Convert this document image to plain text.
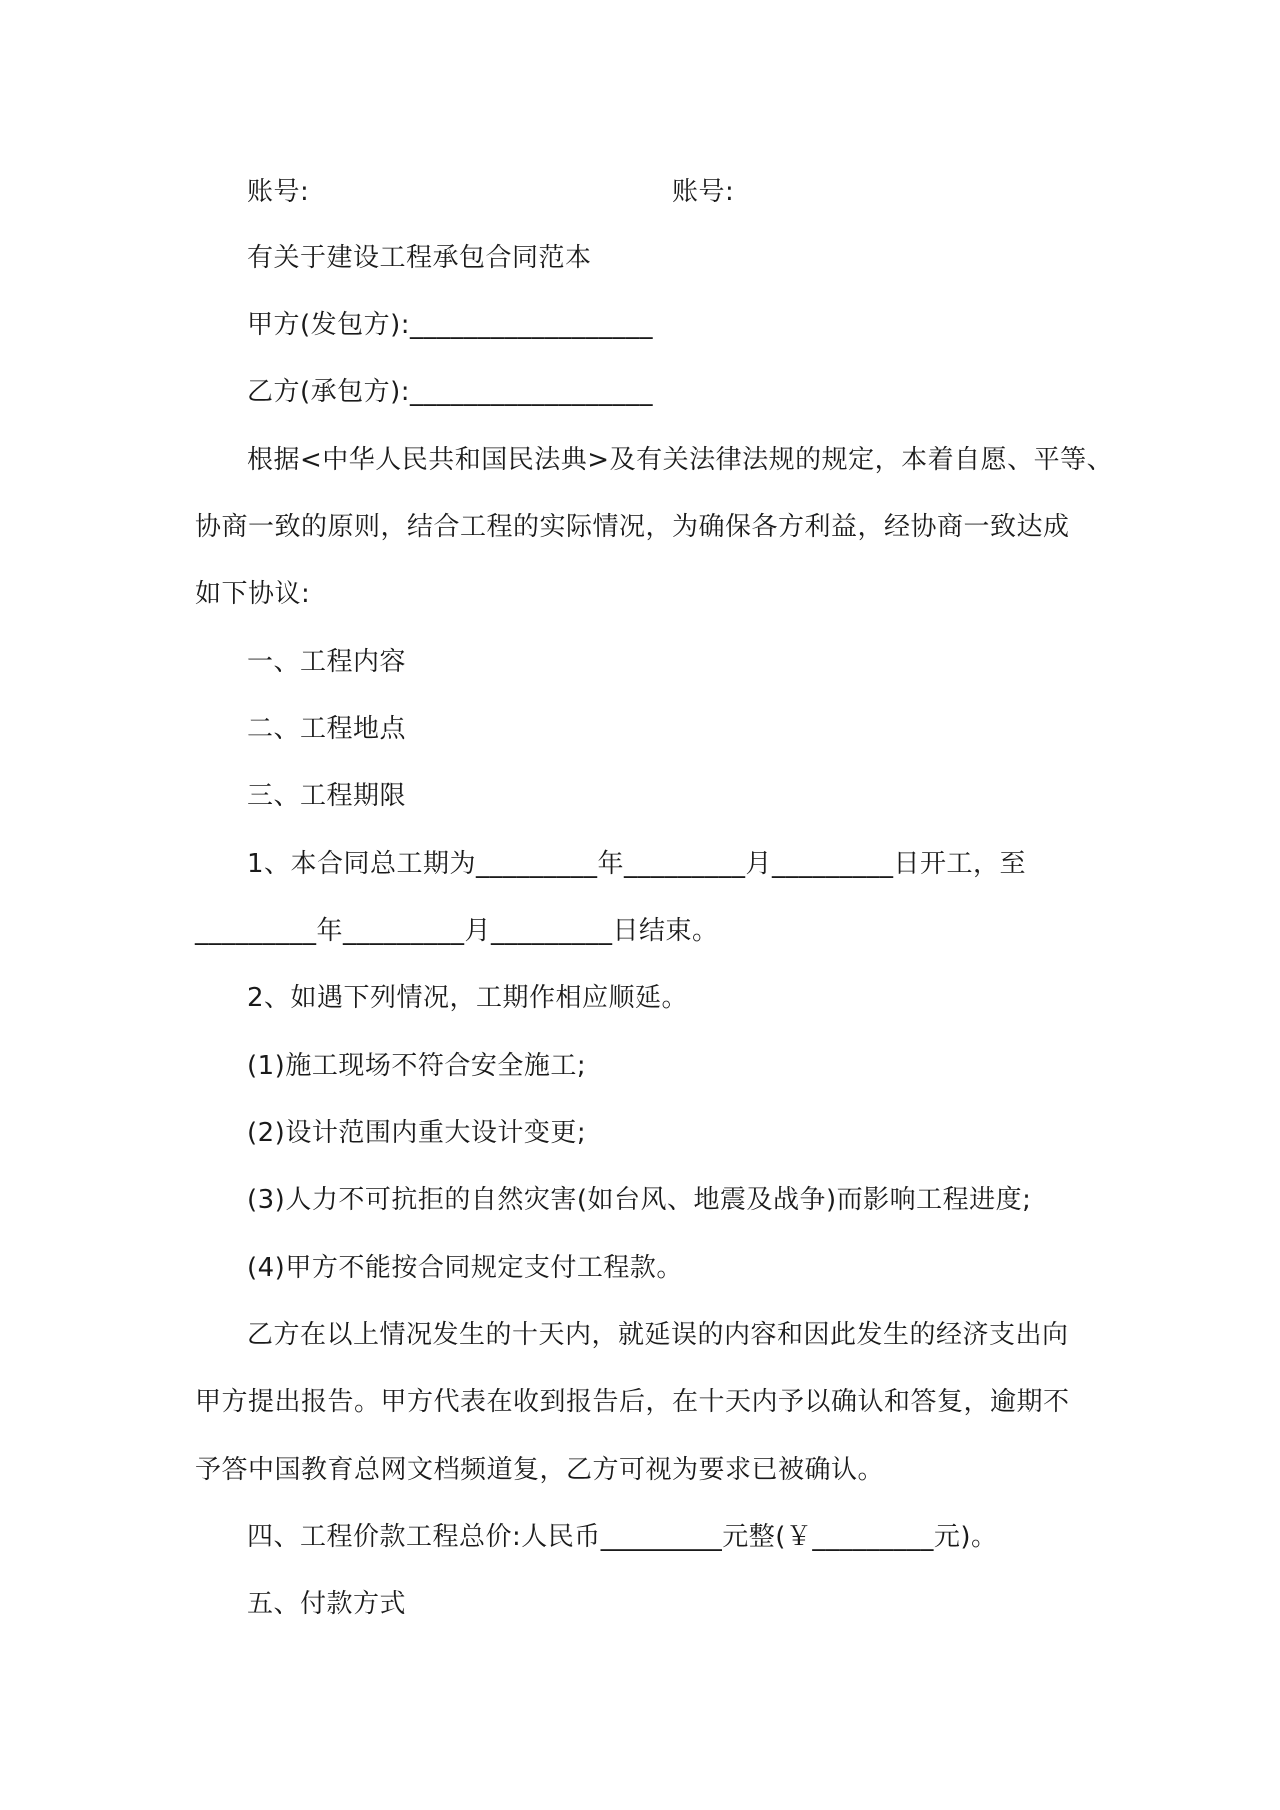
账号:	账号:
有关于建设工程承包合同范本
甲方(发包方):__________________
乙方(承包方):__________________
根据<中华人民共和国民法典>及有关法律法规的规定，本着自愿、平等、
协商一致的原则，结合工程的实际情况，为确保各方利益，经协商一致达成
如下协议:
一、工程内容
二、工程地点
三、工程期限
1、本合同总工期为_________年_________月_________日开工，至
_________年_________月_________日结束。
2、如遇下列情况，工期作相应顺延。
(1)施工现场不符合安全施工;
(2)设计范围内重大设计变更;
(3)人力不可抗拒的自然灾害(如台风、地震及战争)而影响工程进度;
(4)甲方不能按合同规定支付工程款。
乙方在以上情况发生的十天内，就延误的内容和因此发生的经济支出向
甲方提出报告。甲方代表在收到报告后，在十天内予以确认和答复，逾期不
予答中国教育总网文档频道复，乙方可视为要求已被确认。
四、工程价款工程总价:人民币_________元整(￥_________元)。
五、付款方式
